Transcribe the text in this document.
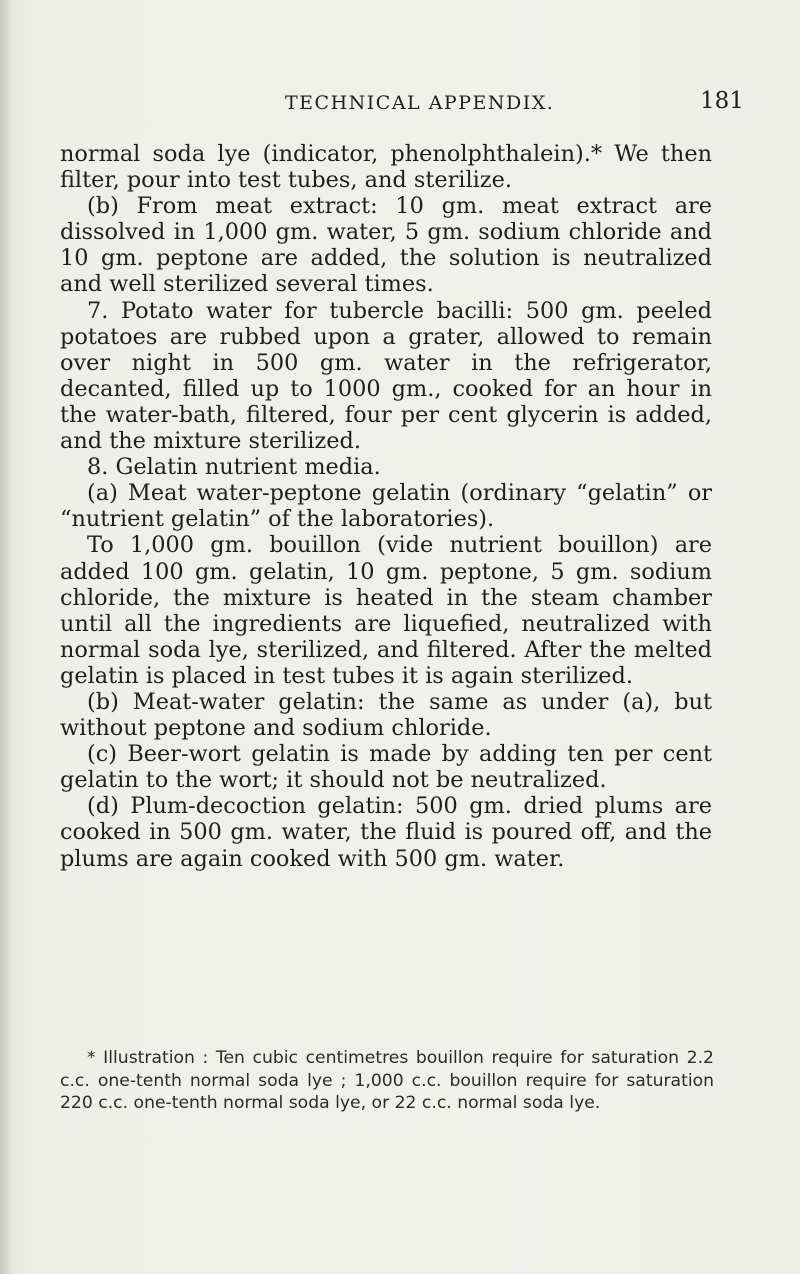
TECHNICAL APPENDIX.	181

normal soda lye (indicator, phenolphthalein).* We then filter, pour into test tubes, and sterilize.

(b) From meat extract: 10 gm. meat extract are dissolved in 1,000 gm. water, 5 gm. sodium chloride and 10 gm. peptone are added, the solution is neutralized and well sterilized several times.

7. Potato water for tubercle bacilli: 500 gm. peeled potatoes are rubbed upon a grater, allowed to remain over night in 500 gm. water in the refrigerator, decanted, filled up to 1000 gm., cooked for an hour in the water-bath, filtered, four per cent glycerin is added, and the mixture sterilized.

8. Gelatin nutrient media.

(a) Meat water-peptone gelatin (ordinary “gelatin” or “nutrient gelatin” of the laboratories).

To 1,000 gm. bouillon (vide nutrient bouillon) are added 100 gm. gelatin, 10 gm. peptone, 5 gm. sodium chloride, the mixture is heated in the steam chamber until all the ingredients are liquefied, neutralized with normal soda lye, sterilized, and filtered. After the melted gelatin is placed in test tubes it is again sterilized.

(b) Meat-water gelatin: the same as under (a), but without peptone and sodium chloride.

(c) Beer-wort gelatin is made by adding ten per cent gelatin to the wort; it should not be neutralized.

(d) Plum-decoction gelatin: 500 gm. dried plums are cooked in 500 gm. water, the fluid is poured off, and the plums are again cooked with 500 gm. water.

* Illustration : Ten cubic centimetres bouillon require for saturation 2.2 c.c. one-tenth normal soda lye ; 1,000 c.c. bouillon require for saturation 220 c.c. one-tenth normal soda lye, or 22 c.c. normal soda lye.
